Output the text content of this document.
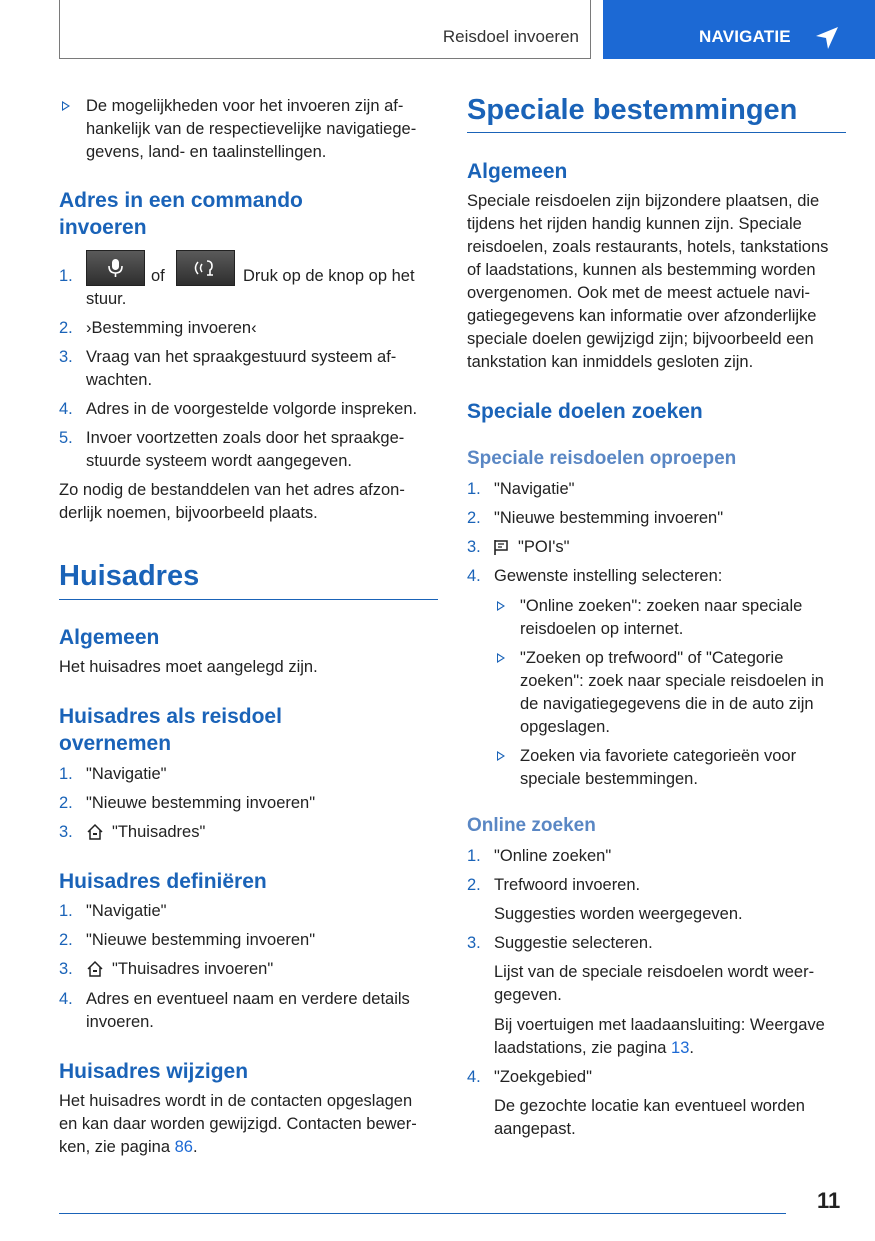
Reisdoel invoeren	NAVIGATIE
De mogelijkheden voor het invoeren zijn af-
hankelijk van de respectievelijke navigatiege-
gevens, land- en taalinstellingen.
Adres in een commando
invoeren
1.	of	Druk op de knop op het
stuur.
2. ›Bestemming invoeren‹
3. Vraag van het spraakgestuurd systeem af-
wachten.
4. Adres in de voorgestelde volgorde inspreken.
5. Invoer voortzetten zoals door het spraakge-
stuurde systeem wordt aangegeven.
Zo nodig de bestanddelen van het adres afzon-
derlijk noemen, bijvoorbeeld plaats.
Huisadres
Algemeen
Het huisadres moet aangelegd zijn.
Huisadres als reisdoel
overnemen
1. "Navigatie"
2. "Nieuwe bestemming invoeren"
3. "Thuisadres"
Huisadres definiëren
1. "Navigatie"
2. "Nieuwe bestemming invoeren"
3. "Thuisadres invoeren"
4. Adres en eventueel naam en verdere details
invoeren.
Huisadres wijzigen
Het huisadres wordt in de contacten opgeslagen
en kan daar worden gewijzigd. Contacten bewer-
ken, zie pagina 86.
Speciale bestemmingen
Algemeen
Speciale reisdoelen zijn bijzondere plaatsen, die
tijdens het rijden handig kunnen zijn. Speciale
reisdoelen, zoals restaurants, hotels, tankstations
of laadstations, kunnen als bestemming worden
overgenomen. Ook met de meest actuele navi-
gatiegegevens kan informatie over afzonderlijke
speciale doelen gewijzigd zijn; bijvoorbeeld een
tankstation kan inmiddels gesloten zijn.
Speciale doelen zoeken
Speciale reisdoelen oproepen
1. "Navigatie"
2. "Nieuwe bestemming invoeren"
3. "POI's"
4. Gewenste instelling selecteren:
"Online zoeken": zoeken naar speciale
reisdoelen op internet.
"Zoeken op trefwoord" of "Categorie
zoeken": zoek naar speciale reisdoelen in
de navigatiegegevens die in de auto zijn
opgeslagen.
Zoeken via favoriete categorieën voor
speciale bestemmingen.
Online zoeken
1. "Online zoeken"
2. Trefwoord invoeren.
Suggesties worden weergegeven.
3. Suggestie selecteren.
Lijst van de speciale reisdoelen wordt weer-
gegeven.
Bij voertuigen met laadaansluiting: Weergave
laadstations, zie pagina 13.
4. "Zoekgebied"
De gezochte locatie kan eventueel worden
aangepast.
11
